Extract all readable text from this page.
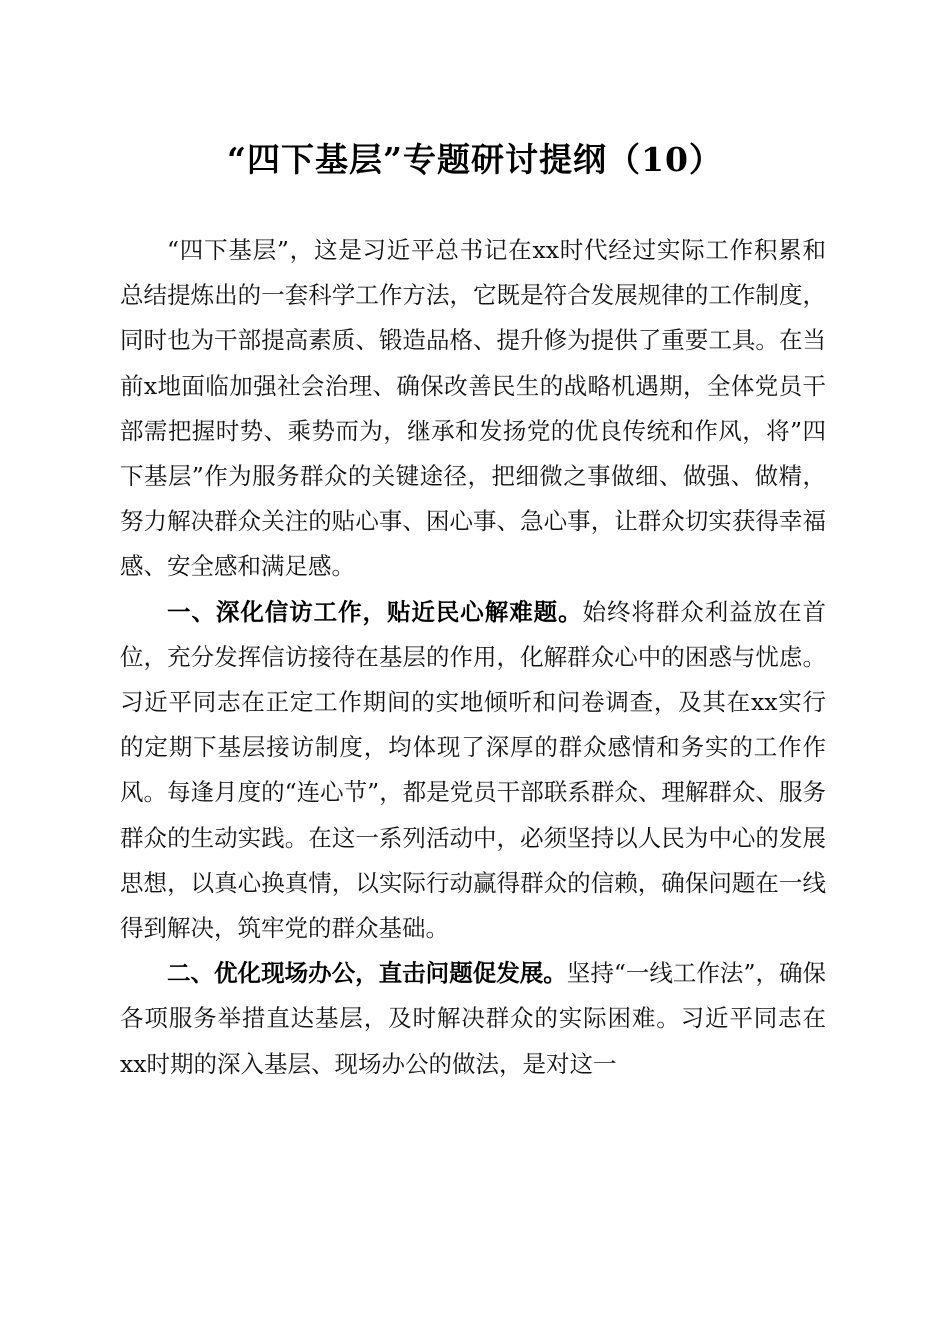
“四下基层”专题研讨提纲（10）

“四下基层”，这是习近平总书记在xx时代经过实际工作积累和总结提炼出的一套科学工作方法，它既是符合发展规律的工作制度，同时也为干部提高素质、锻造品格、提升修为提供了重要工具。在当前x地面临加强社会治理、确保改善民生的战略机遇期，全体党员干部需把握时势、乘势而为，继承和发扬党的优良传统和作风，将”四下基层”作为服务群众的关键途径，把细微之事做细、做强、做精，努力解决群众关注的贴心事、困心事、急心事，让群众切实获得幸福感、安全感和满足感。

一、深化信访工作，贴近民心解难题。始终将群众利益放在首位，充分发挥信访接待在基层的作用，化解群众心中的困惑与忧虑。习近平同志在正定工作期间的实地倾听和问卷调查，及其在xx实行的定期下基层接访制度，均体现了深厚的群众感情和务实的工作作风。每逢月度的“连心节”，都是党员干部联系群众、理解群众、服务群众的生动实践。在这一系列活动中，必须坚持以人民为中心的发展思想，以真心换真情，以实际行动赢得群众的信赖，确保问题在一线得到解决，筑牢党的群众基础。

二、优化现场办公，直击问题促发展。坚持“一线工作法”，确保各项服务举措直达基层，及时解决群众的实际困难。习近平同志在xx时期的深入基层、现场办公的做法，是对这一
